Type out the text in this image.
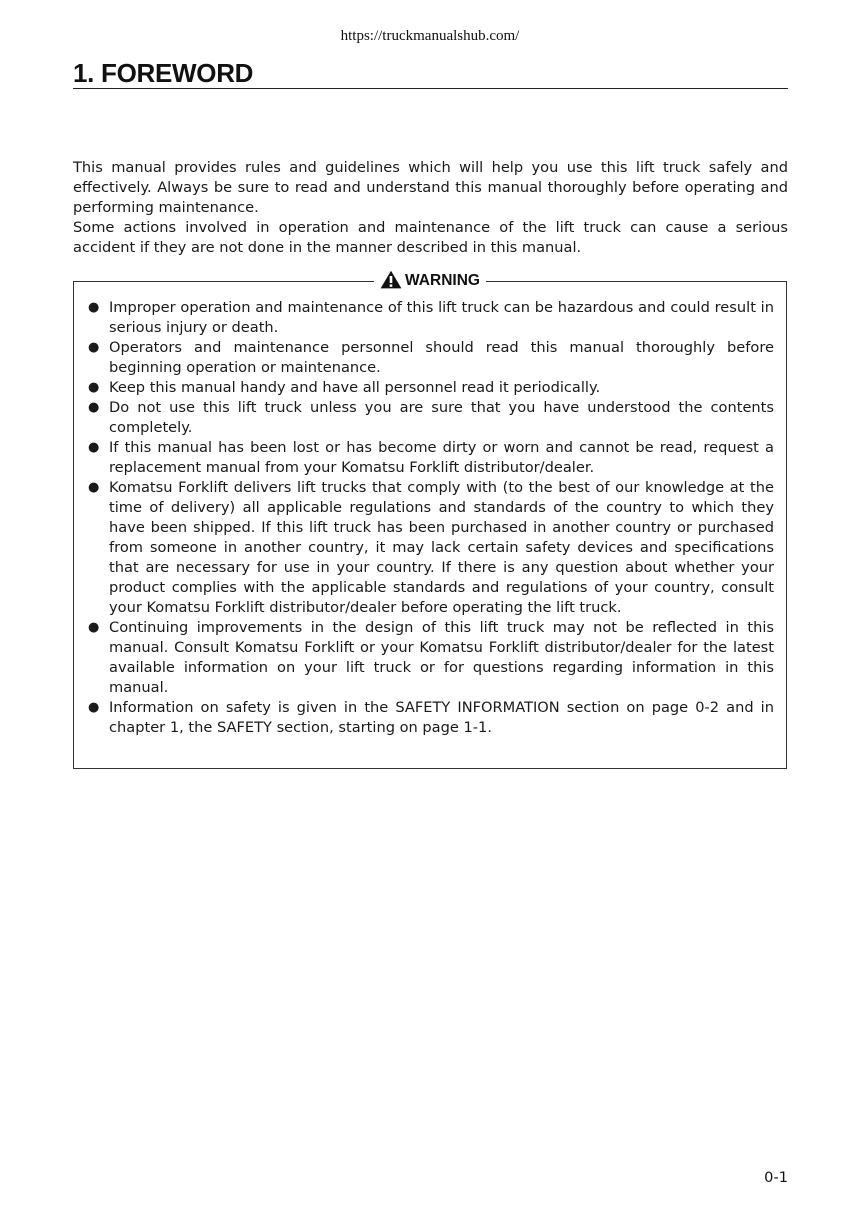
https://truckmanualshub.com/
1. FOREWORD

This manual provides rules and guidelines which will help you use this lift truck safely and effectively. Always be sure to read and understand this manual thoroughly before operating and performing maintenance.

Some actions involved in operation and maintenance of the lift truck can cause a serious accident if they are not done in the manner described in this manual.

WARNING
● Improper operation and maintenance of this lift truck can be hazardous and could result in serious injury or death.
● Operators and maintenance personnel should read this manual thoroughly before beginning operation or maintenance.
● Keep this manual handy and have all personnel read it periodically.
● Do not use this lift truck unless you are sure that you have understood the contents completely.
● If this manual has been lost or has become dirty or worn and cannot be read, request a replacement manual from your Komatsu Forklift distributor/dealer.
● Komatsu Forklift delivers lift trucks that comply with (to the best of our knowledge at the time of delivery) all applicable regulations and standards of the country to which they have been shipped. If this lift truck has been purchased in another country or purchased from someone in another country, it may lack certain safety devices and specifications that are necessary for use in your country. If there is any question about whether your product complies with the applicable standards and regulations of your country, consult your Komatsu Forklift distributor/dealer before operating the lift truck.
● Continuing improvements in the design of this lift truck may not be reflected in this manual. Consult Komatsu Forklift or your Komatsu Forklift distributor/dealer for the latest available information on your lift truck or for questions regarding information in this manual.
● Information on safety is given in the SAFETY INFORMATION section on page 0-2 and in chapter 1, the SAFETY section, starting on page 1-1.
0-1
